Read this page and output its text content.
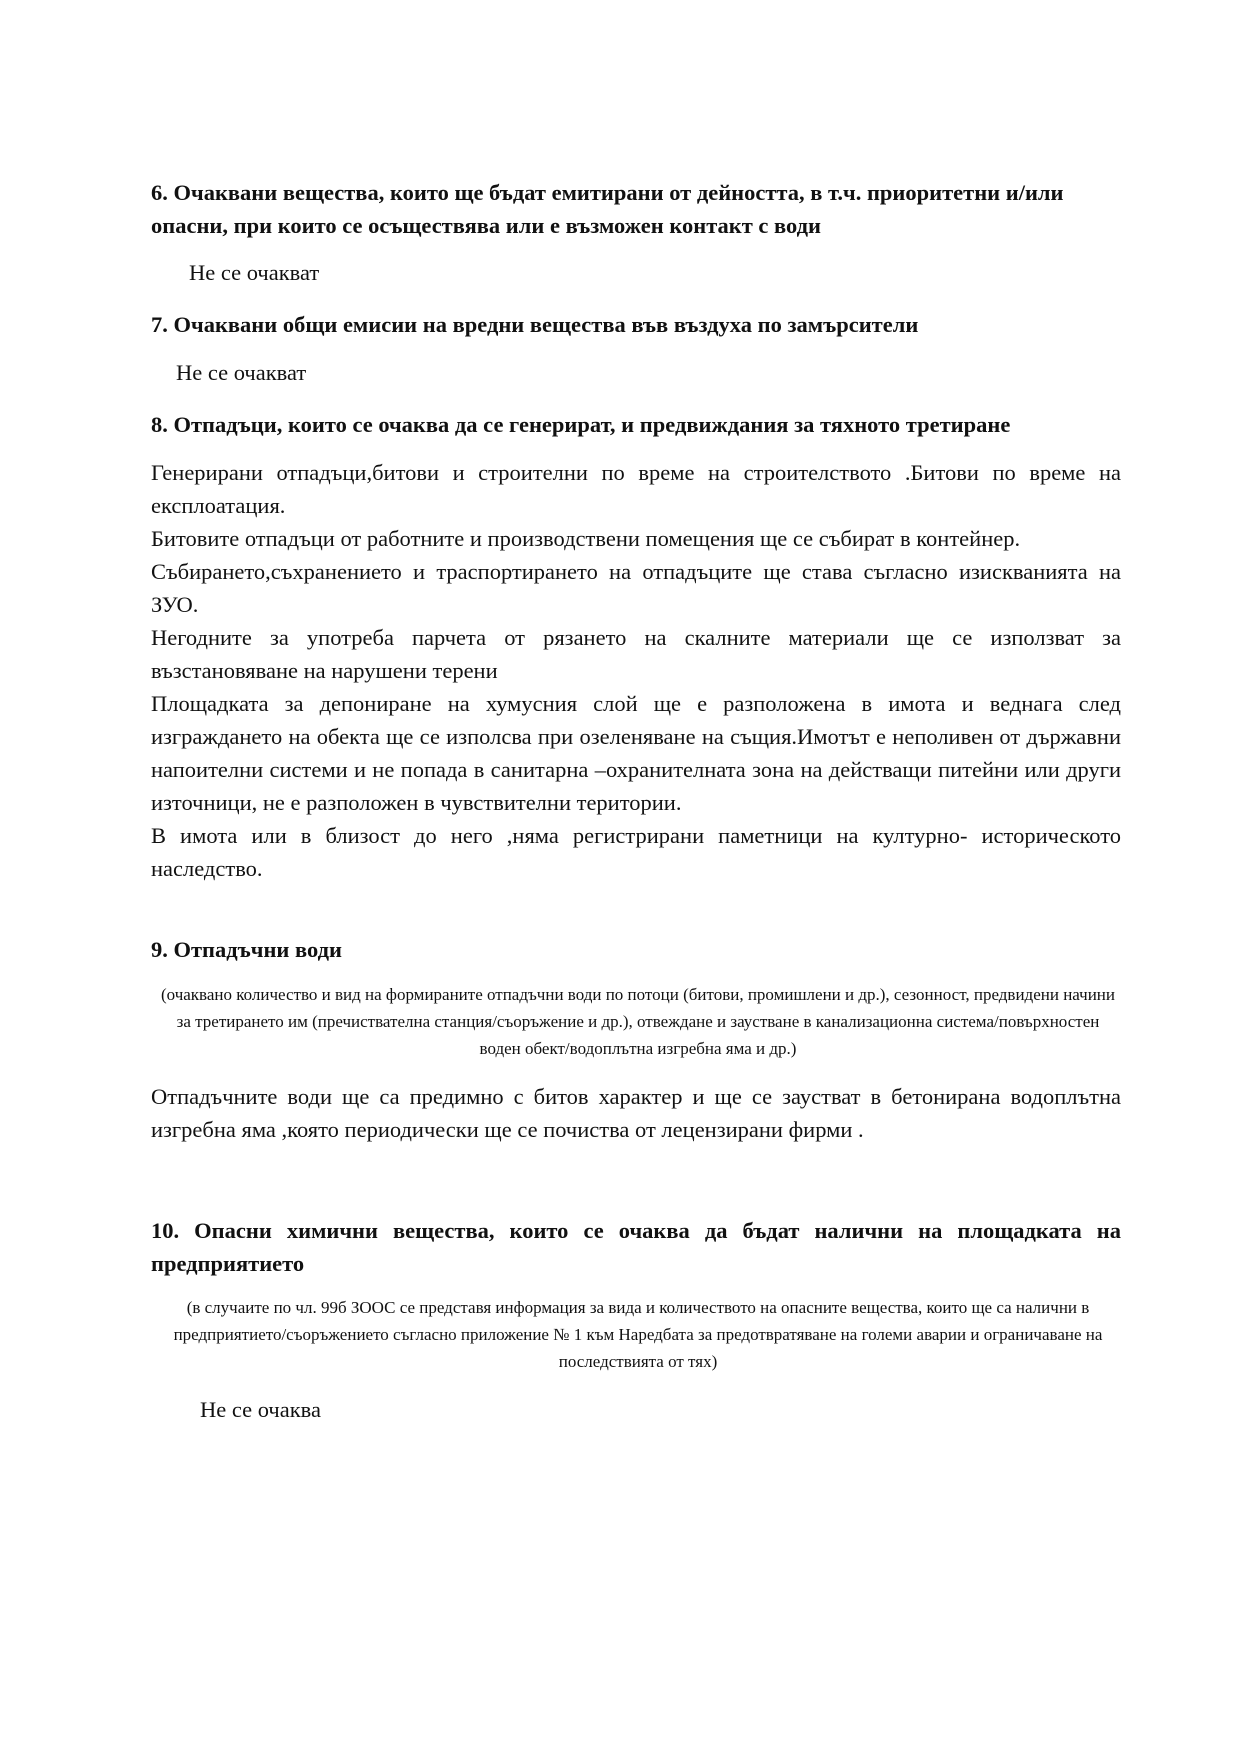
6. Очаквани вещества, които ще бъдат емитирани от дейността, в т.ч. приоритетни и/или опасни, при които се осъществява или е възможен контакт с води

Не се очакват

7. Очаквани общи емисии на вредни вещества във въздуха по замърсители

Не се очакват

8. Отпадъци, които се очаква да се генерират, и предвиждания за тяхното третиране

Генерирани отпадъци,битови и строителни по време на строителството .Битови по време на експлоатация.

Битовите отпадъци от работните и производствени помещения ще се събират в контейнер.

Събирането,съхранението и траспортирането на отпадъците ще става съгласно изискванията на ЗУО.

Негодните за употреба парчета от рязането на скалните материали ще се използват за възстановяване на нарушени терени

Площадката за депониране на хумусния слой ще е разположена в имота и веднага след изграждането на обекта ще се изполсва при озеленяване на същия.Имотът е неполивен от държавни напоителни системи и не попада в санитарна –охранителната зона на действащи питейни или други източници, не е разположен в чувствителни територии.

В имота или в близост до него ,няма регистрирани паметници на културно- историческото наследство.

9. Отпадъчни води

(очаквано количество и вид на формираните отпадъчни води по потоци (битови, промишлени и др.), сезонност, предвидени начини за третирането им (пречиствателна станция/съоръжение и др.), отвеждане и заустване в канализационна система/повърхностен воден обект/водоплътна изгребна яма и др.)

Отпадъчните води ще са предимно с битов характер и ще се заустват в бетонирана водоплътна изгребна яма ,която периодически ще се почиства от лецензирани фирми .

10. Опасни химични вещества, които се очаква да бъдат налични на площадката на предприятието

(в случаите по чл. 99б ЗООС се представя информация за вида и количеството на опасните вещества, които ще са налични в предприятието/съоръжението съгласно приложение № 1 към Наредбата за предотвратяване на големи аварии и ограничаване на последствията от тях)

Не се очаква
